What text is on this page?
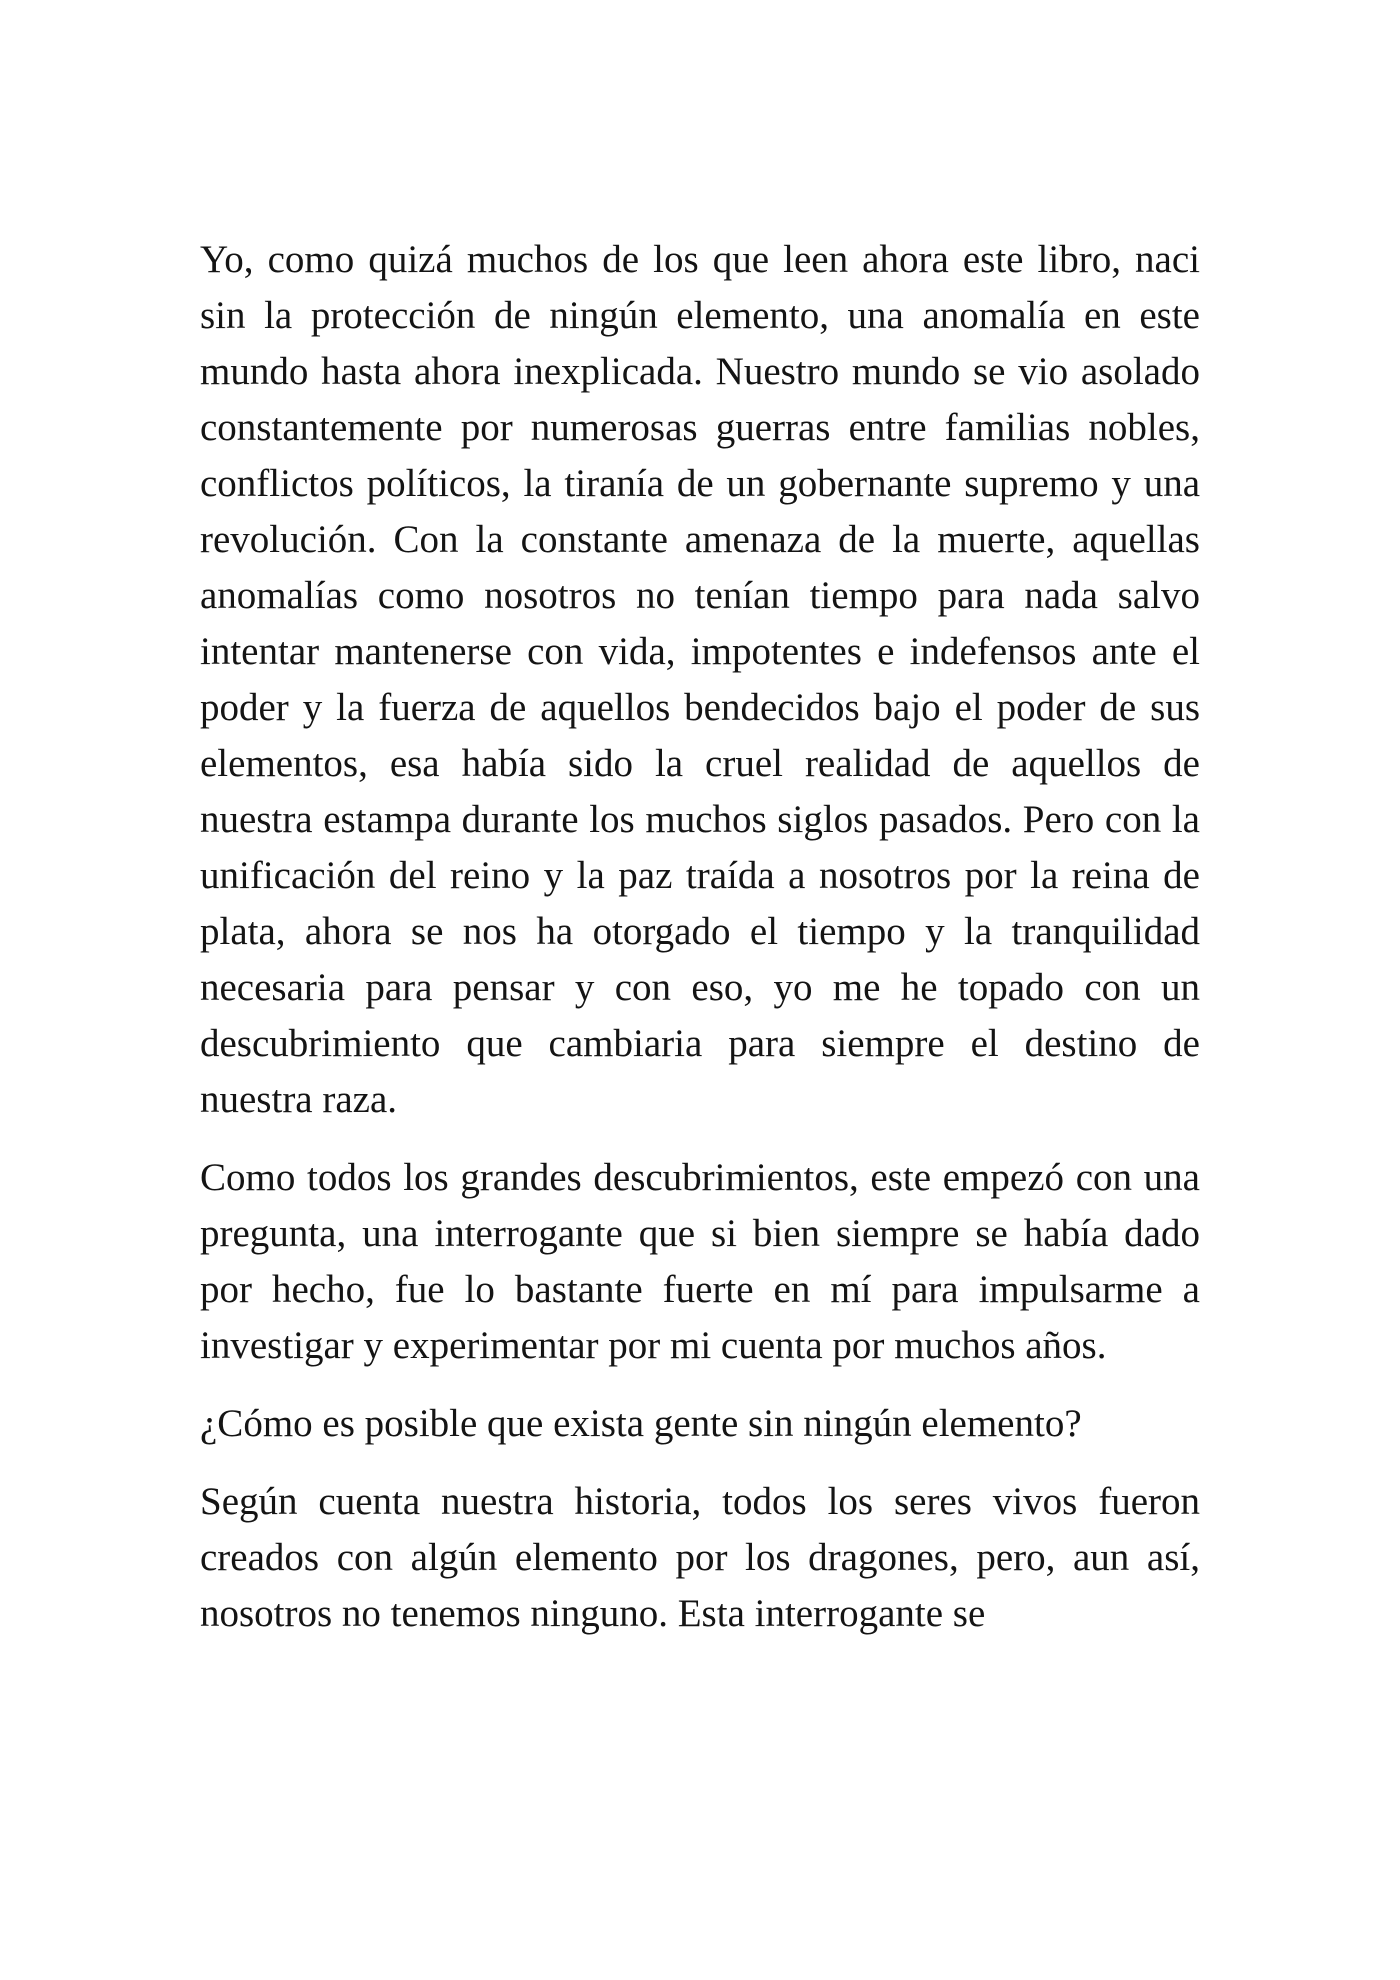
Yo, como quizá muchos de los que leen ahora este libro, naci sin la protección de ningún elemento, una anomalía en este mundo hasta ahora inexplicada. Nuestro mundo se vio asolado constantemente por numerosas guerras entre familias nobles, conflictos políticos, la tiranía de un gobernante supremo y una revolución. Con la constante amenaza de la muerte, aquellas anomalías como nosotros no tenían tiempo para nada salvo intentar mantenerse con vida, impotentes e indefensos ante el poder y la fuerza de aquellos bendecidos bajo el poder de sus elementos, esa había sido la cruel realidad de aquellos de nuestra estampa durante los muchos siglos pasados. Pero con la unificación del reino y la paz traída a nosotros por la reina de plata, ahora se nos ha otorgado el tiempo y la tranquilidad necesaria para pensar y con eso, yo me he topado con un descubrimiento que cambiaria para siempre el destino de nuestra raza.

Como todos los grandes descubrimientos, este empezó con una pregunta, una interrogante que si bien siempre se había dado por hecho, fue lo bastante fuerte en mí para impulsarme a investigar y experimentar por mi cuenta por muchos años.

¿Cómo es posible que exista gente sin ningún elemento?

Según cuenta nuestra historia, todos los seres vivos fueron creados con algún elemento por los dragones, pero, aun así, nosotros no tenemos ninguno. Esta interrogante se
